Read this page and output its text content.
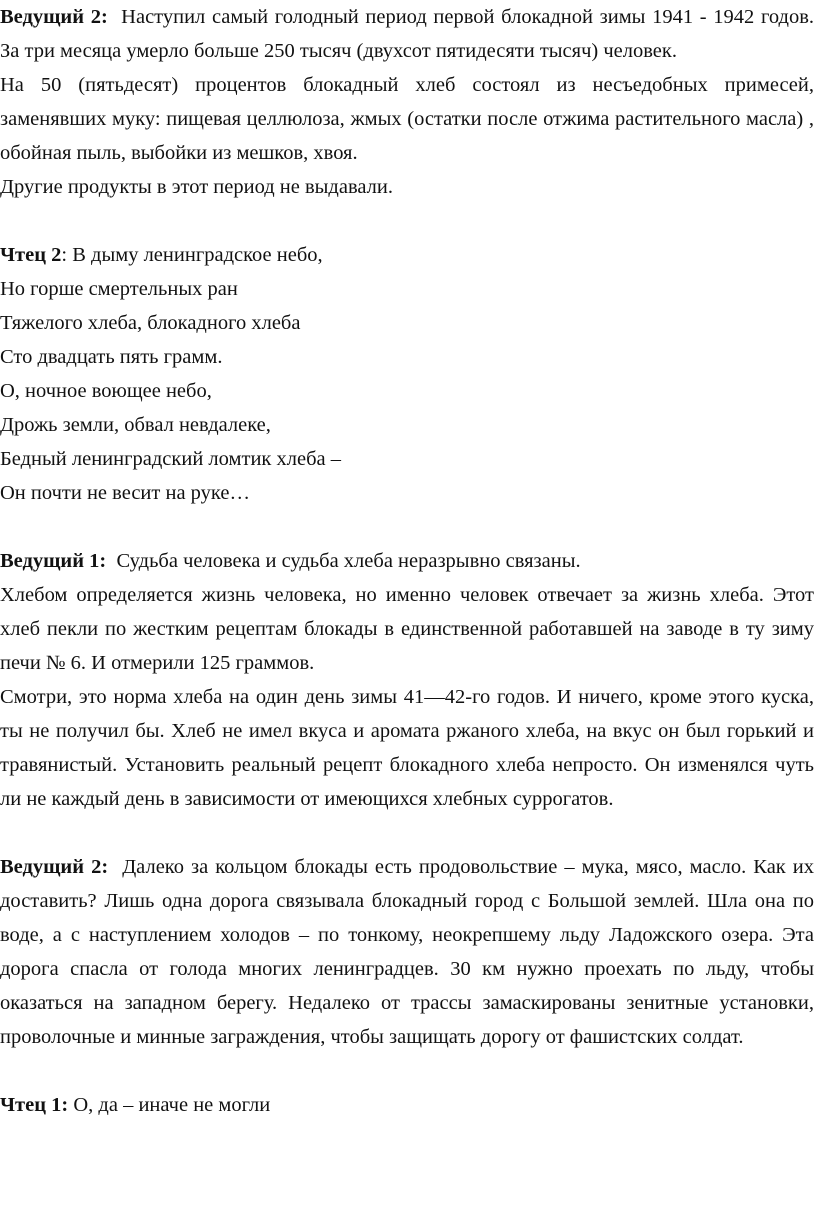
Ведущий 2: Наступил самый голодный период первой блокадной зимы 1941 - 1942 годов. За три месяца умерло больше 250 тысяч (двухсот пятидесяти тысяч) человек.

На 50 (пятьдесят) процентов блокадный хлеб состоял из несъедобных примесей, заменявших муку: пищевая целлюлоза, жмых (остатки после отжима растительного масла) , обойная пыль, выбойки из мешков, хвоя.

Другие продукты в этот период не выдавали.

Чтец 2: В дыму ленинградское небо,

Но горше смертельных ран

Тяжелого хлеба, блокадного хлеба

Сто двадцать пять грамм.

О, ночное воющее небо,

Дрожь земли, обвал невдалеке,

Бедный ленинградский ломтик хлеба –

Он почти не весит на руке…

Ведущий 1: Судьба человека и судьба хлеба неразрывно связаны.

Хлебом определяется жизнь человека, но именно человек отвечает за жизнь хлеба. Этот хлеб пекли по жестким рецептам блокады в единственной работавшей на заводе в ту зиму печи № 6. И отмерили 125 граммов.

Смотри, это норма хлеба на один день зимы 41—42-го годов. И ничего, кроме этого куска, ты не получил бы. Хлеб не имел вкуса и аромата ржаного хлеба, на вкус он был горький и травянистый. Установить реальный рецепт блокадного хлеба непросто. Он изменялся чуть ли не каждый день в зависимости от имеющихся хлебных суррогатов.

Ведущий 2: Далеко за кольцом блокады есть продовольствие – мука, мясо, масло. Как их доставить? Лишь одна дорога связывала блокадный город с Большой землей. Шла она по воде, а с наступлением холодов – по тонкому, неокрепшему льду Ладожского озера. Эта дорога спасла от голода многих ленинградцев. 30 км нужно проехать по льду, чтобы оказаться на западном берегу. Недалеко от трассы замаскированы зенитные установки, проволочные и минные заграждения, чтобы защищать дорогу от фашистских солдат.

Чтец 1: О, да – иначе не могли
